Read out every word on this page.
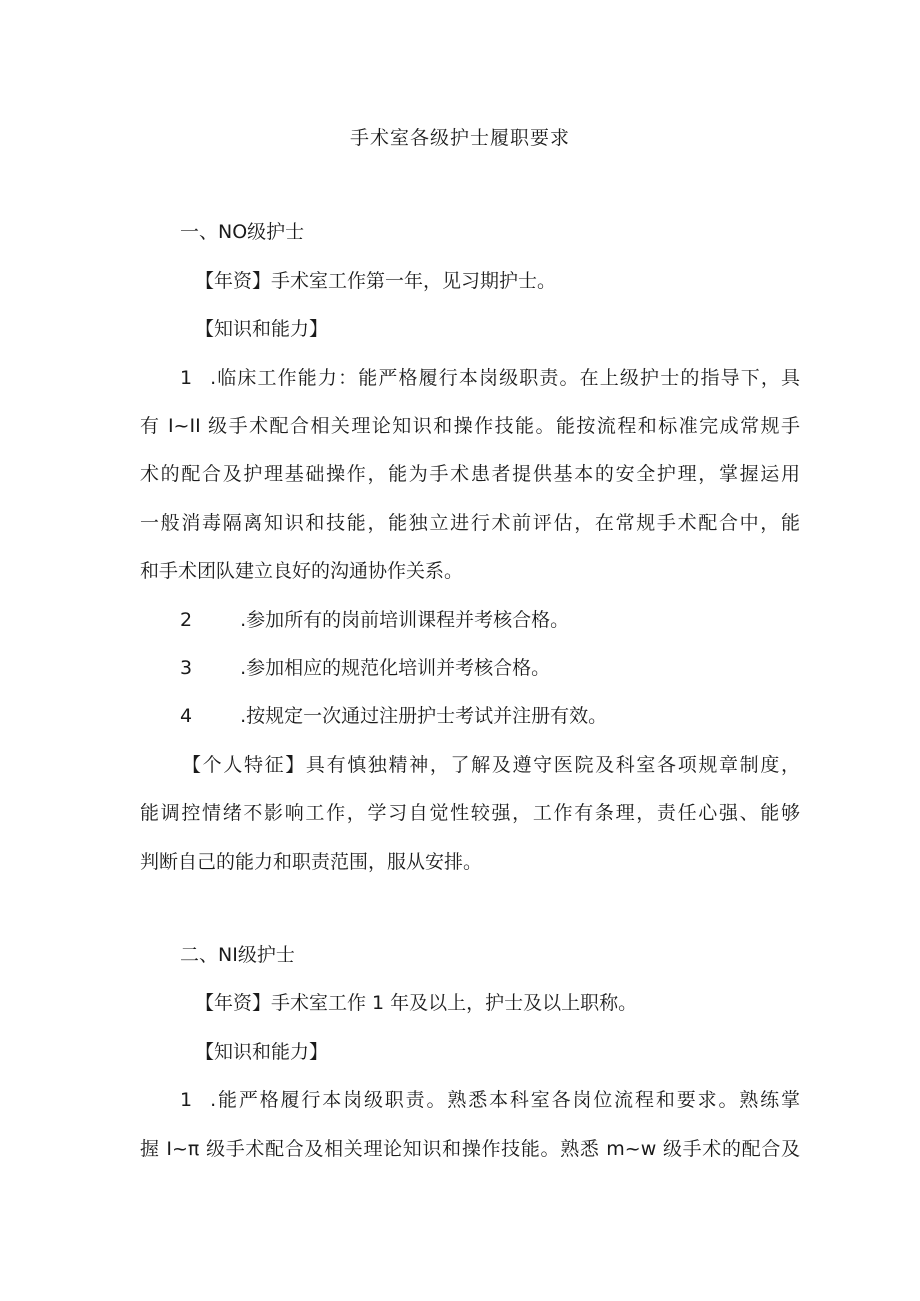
手术室各级护士履职要求
一、NO级护士
【年资】手术室工作第一年，见习期护士。
【知识和能力】
1 .临床工作能力：能严格履行本岗级职责。在上级护士的指导下，具
有 I~II 级手术配合相关理论知识和操作技能。能按流程和标准完成常规手
术的配合及护理基础操作，能为手术患者提供基本的安全护理，掌握运用
一般消毒隔离知识和技能，能独立进行术前评估，在常规手术配合中，能
和手术团队建立良好的沟通协作关系。
2	.参加所有的岗前培训课程并考核合格。
3	.参加相应的规范化培训并考核合格。
4	.按规定一次通过注册护士考试并注册有效。
【个人特征】具有慎独精神，了解及遵守医院及科室各项规章制度，
能调控情绪不影响工作，学习自觉性较强，工作有条理，责任心强、能够
判断自己的能力和职责范围，服从安排。
二、NI级护士
【年资】手术室工作 1 年及以上，护士及以上职称。
【知识和能力】
1 .能严格履行本岗级职责。熟悉本科室各岗位流程和要求。熟练掌
握 I~π 级手术配合及相关理论知识和操作技能。熟悉 m~w 级手术的配合及
